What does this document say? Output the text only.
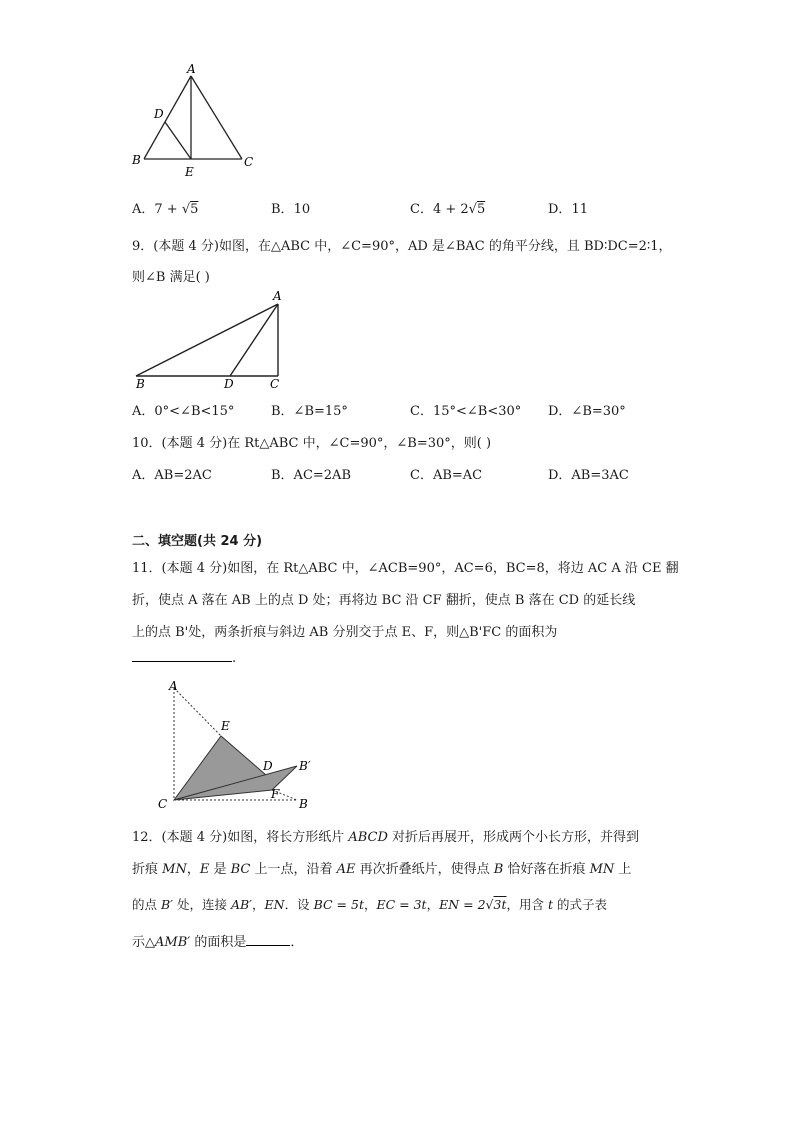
A
D
B
E
C
A．7 + √5	B．10	C．4 + 2√5	D．11
9．(本题 4 分)如图，在△ABC 中，∠C=90°，AD 是∠BAC 的角平分线，且 BD∶DC=2∶1，
则∠B 满足( )
A
B	D	C
A．0°<∠B<15°	B．∠B=15°	C．15°<∠B<30° D．∠B=30°
10．(本题 4 分)在 Rt△ABC 中，∠C=90°，∠B=30°，则( )
A．AB=2AC	B．AC=2AB	C．AB=AC	D．AB=3AC
二、填空题(共 24 分)
11．(本题 4 分)如图，在 Rt△ABC 中，∠ACB=90°，AC=6，BC=8，将边 AC A 沿 CE 翻
折，使点 A 落在 AB 上的点 D 处；再将边 BC 沿 CF 翻折，使点 B 落在 CD 的延长线
上的点 B'处，两条折痕与斜边 AB 分别交于点 E、F，则△B'FC 的面积为
.
A
E
D B′
C
F
B
12．(本题 4 分)如图，将长方形纸片 ABCD 对折后再展开，形成两个小长方形，并得到
折痕 MN，E 是 BC 上一点，沿着 AE 再次折叠纸片，使得点 B 恰好落在折痕 MN 上
的点 B′ 处，连接 AB′，EN．设 BC = 5t，EC = 3t，EN = 2√3t，用含 t 的式子表
示△AMB′ 的面积是	．
